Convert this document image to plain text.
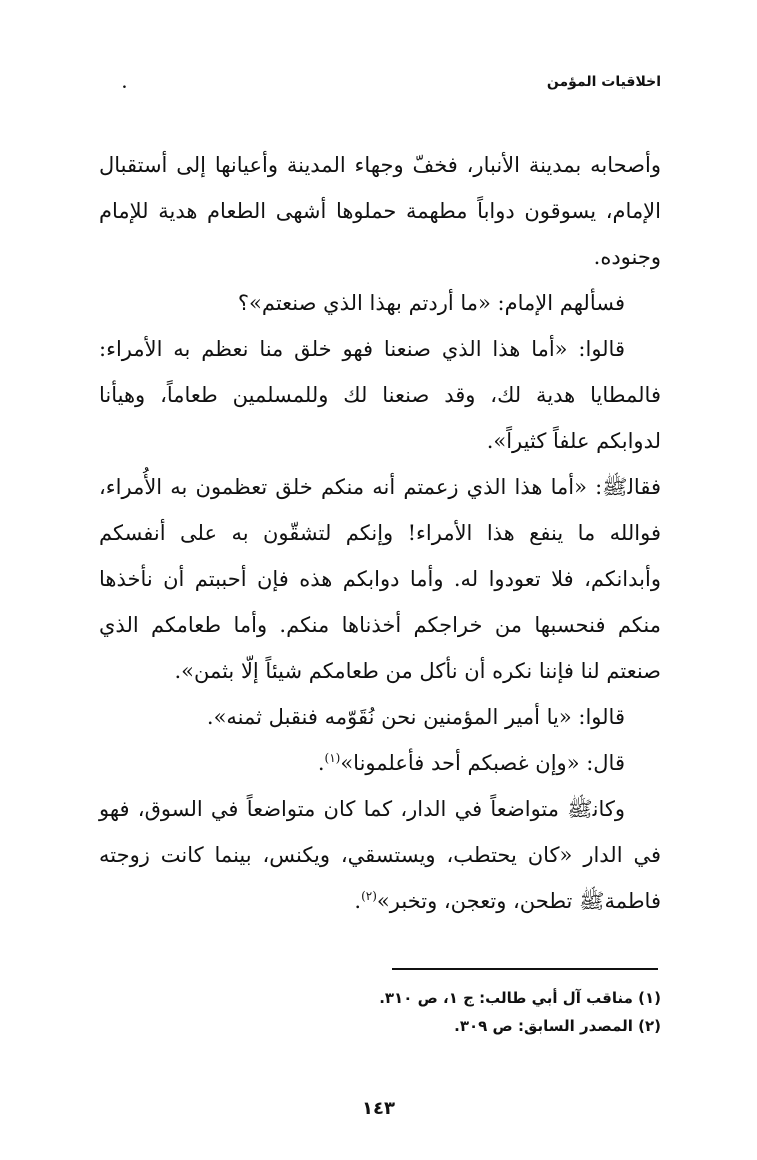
اخلاقيات المؤمن
.

وأصحابه بمدينة الأنبار، فخفّ وجهاء المدينة وأعيانها إلى أستقبال الإمام، يسوقون دواباً مطهمة حملوها أشهى الطعام هدية للإمام وجنوده.

فسألهم الإمام: «ما أردتم بهذا الذي صنعتم»؟

قالوا: «أما هذا الذي صنعنا فهو خلق منا نعظم به الأمراء: فالمطايا هدية لك، وقد صنعنا لك وللمسلمين طعاماً، وهيأنا لدوابكم علفاً كثيراً».

فقال‍ﷺ: «أما هذا الذي زعمتم أنه منكم خلق تعظمون به الأُمراء، فوالله ما ينفع هذا الأمراء! وإنكم لتشقّون به على أنفسكم وأبدانكم، فلا تعودوا له. وأما دوابكم هذه فإن أحببتم أن نأخذها منكم فنحسبها من خراجكم أخذناها منكم. وأما طعامكم الذي صنعتم لنا فإننا نكره أن نأكل من طعامكم شيئاً إلّا بثمن».

قالوا: «يا أمير المؤمنين نحن نُقَوّمه فنقبل ثمنه».

قال: «وإن غصبكم أحد فأعلمونا»$^{(١)}$.

وكان‍ﷺ متواضعاً في الدار، كما كان متواضعاً في السوق، فهو في الدار «كان يحتطب، ويستسقي، ويكنس، بينما كانت زوجته فاطمة‍ﷺ تطحن، وتعجن، وتخبر»$^{(٢)}$.

(١) مناقب آل أبي طالب: ج ١، ص ٣١٠.

(٢) المصدر السابق: ص ٣٠٩.

١٤٣
